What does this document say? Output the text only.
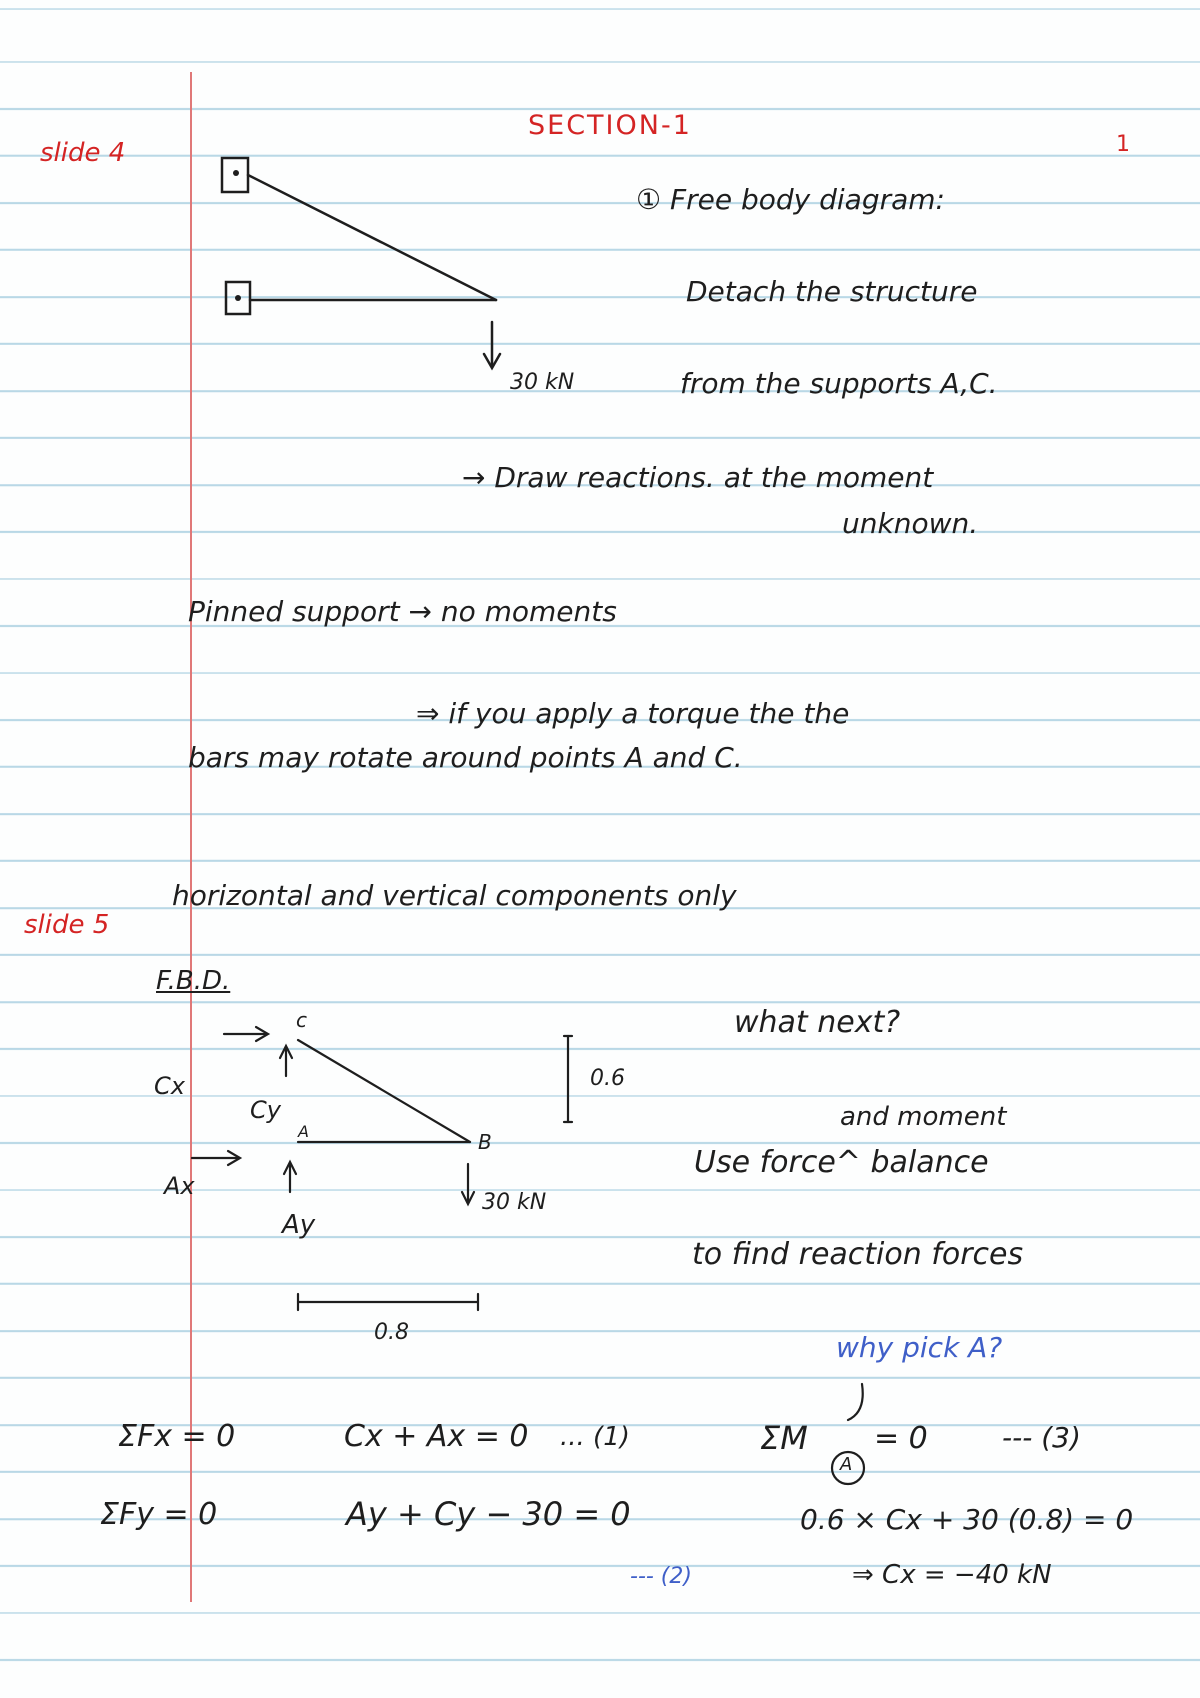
SECTION-1
1
slide 4
slide 5
30 kN
① Free body diagram:
Detach the structure
from the supports A,C.
→ Draw reactions. at the moment
unknown.
Pinned support → no moments
⇒ if you apply a torque the the
bars may rotate around points A and C.
horizontal and vertical components only
F.B.D.
c
Cx
Cy
A
Ax
Ay
B
30 kN
0.6
0.8
what next?
and moment
Use force^ balance
to find reaction forces
why pick A?
ΣFx = 0	Cx + Ax = 0 ... (1)	ΣM
A
= 0	--- (3)
ΣFy = 0	Ay + Cy − 30 = 0
--- (2)
0.6 × Cx + 30 (0.8) = 0
⇒ Cx = −40 kN
